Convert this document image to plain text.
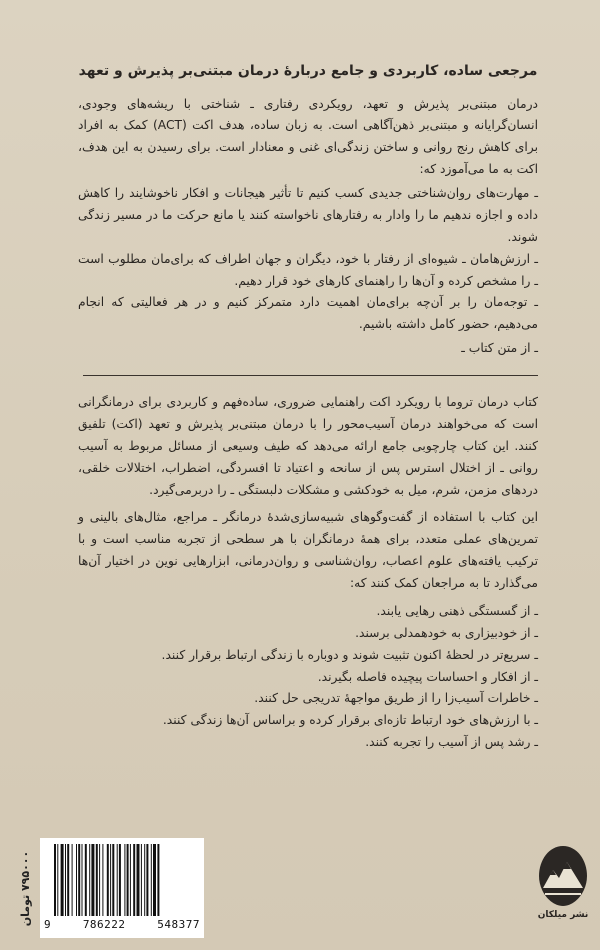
مرجعی ساده، کاربردی و جامع دربارهٔ درمان مبتنی‌بر پذیرش و تعهد

درمان مبتنی‌بر پذیرش و تعهد، رویکردی رفتاری ـ شناختی با ریشه‌های وجودی، انسان‌گرایانه و مبتنی‌بر ذهن‌آگاهی است. به زبان ساده، هدف اکت (ACT) کمک به افراد برای کاهش رنج روانی و ساختن زندگی‌ای غنی و معنادار است. برای رسیدن به این هدف، اکت به ما می‌آموزد که:

ـ مهارت‌های روان‌شناختی جدیدی کسب کنیم تا تأثیر هیجانات و افکار ناخوشایند را کاهش داده و اجازه ندهیم ما را وادار به رفتارهای ناخواسته کنند یا مانع حرکت ما در مسیر زندگی شوند.

ـ ارزش‌هامان ـ شیوه‌ای از رفتار با خود، دیگران و جهان اطراف که برای‌مان مطلوب است ـ را مشخص کرده و آن‌ها را راهنمای کارهای خود قرار دهیم.

ـ توجه‌مان را بر آن‌چه برای‌مان اهمیت دارد متمرکز کنیم و در هر فعالیتی که انجام می‌دهیم، حضور کامل داشته باشیم.

ـ از متن کتاب ـ

کتاب درمان تروما با رویکرد اکت راهنمایی ضروری، ساده‌فهم و کاربردی برای درمانگرانی است که می‌خواهند درمان آسیب‌محور را با درمان مبتنی‌بر پذیرش و تعهد (اکت) تلفیق کنند. این کتاب چارچوبی جامع ارائه می‌دهد که طیف وسیعی از مسائل مربوط به آسیب روانی ـ از اختلال استرس پس از سانحه و اعتیاد تا افسردگی، اضطراب، اختلالات خلقی، دردهای مزمن، شرم، میل به خودکشی و مشکلات دلبستگی ـ را دربرمی‌گیرد.

این کتاب با استفاده از گفت‌وگوهای شبیه‌سازی‌شدهٔ درمانگر ـ مراجع، مثال‌های بالینی و تمرین‌های عملی متعدد، برای همهٔ درمانگران با هر سطحی از تجربه مناسب است و با ترکیب یافته‌های علوم اعصاب، روان‌شناسی و روان‌درمانی، ابزارهایی نوین در اختیار آن‌ها می‌گذارد تا به مراجعان کمک کنند که:

ـ از گسستگی ذهنی رهایی یابند.

ـ از خودبیزاری به خودهمدلی برسند.

ـ سریع‌تر در لحظهٔ اکنون تثبیت شوند و دوباره با زندگی ارتباط برقرار کنند.

ـ از افکار و احساسات پیچیده فاصله بگیرند.

ـ خاطرات آسیب‌زا را از طریق مواجههٔ تدریجی حل کنند.

ـ با ارزش‌های خود ارتباط تازه‌ای برقرار کرده و براساس آن‌ها زندگی کنند.

ـ رشد پس از آسیب را تجربه کنند.

۷۹۵۰۰۰ تومان
9	786222	548377
نشر میلکان
